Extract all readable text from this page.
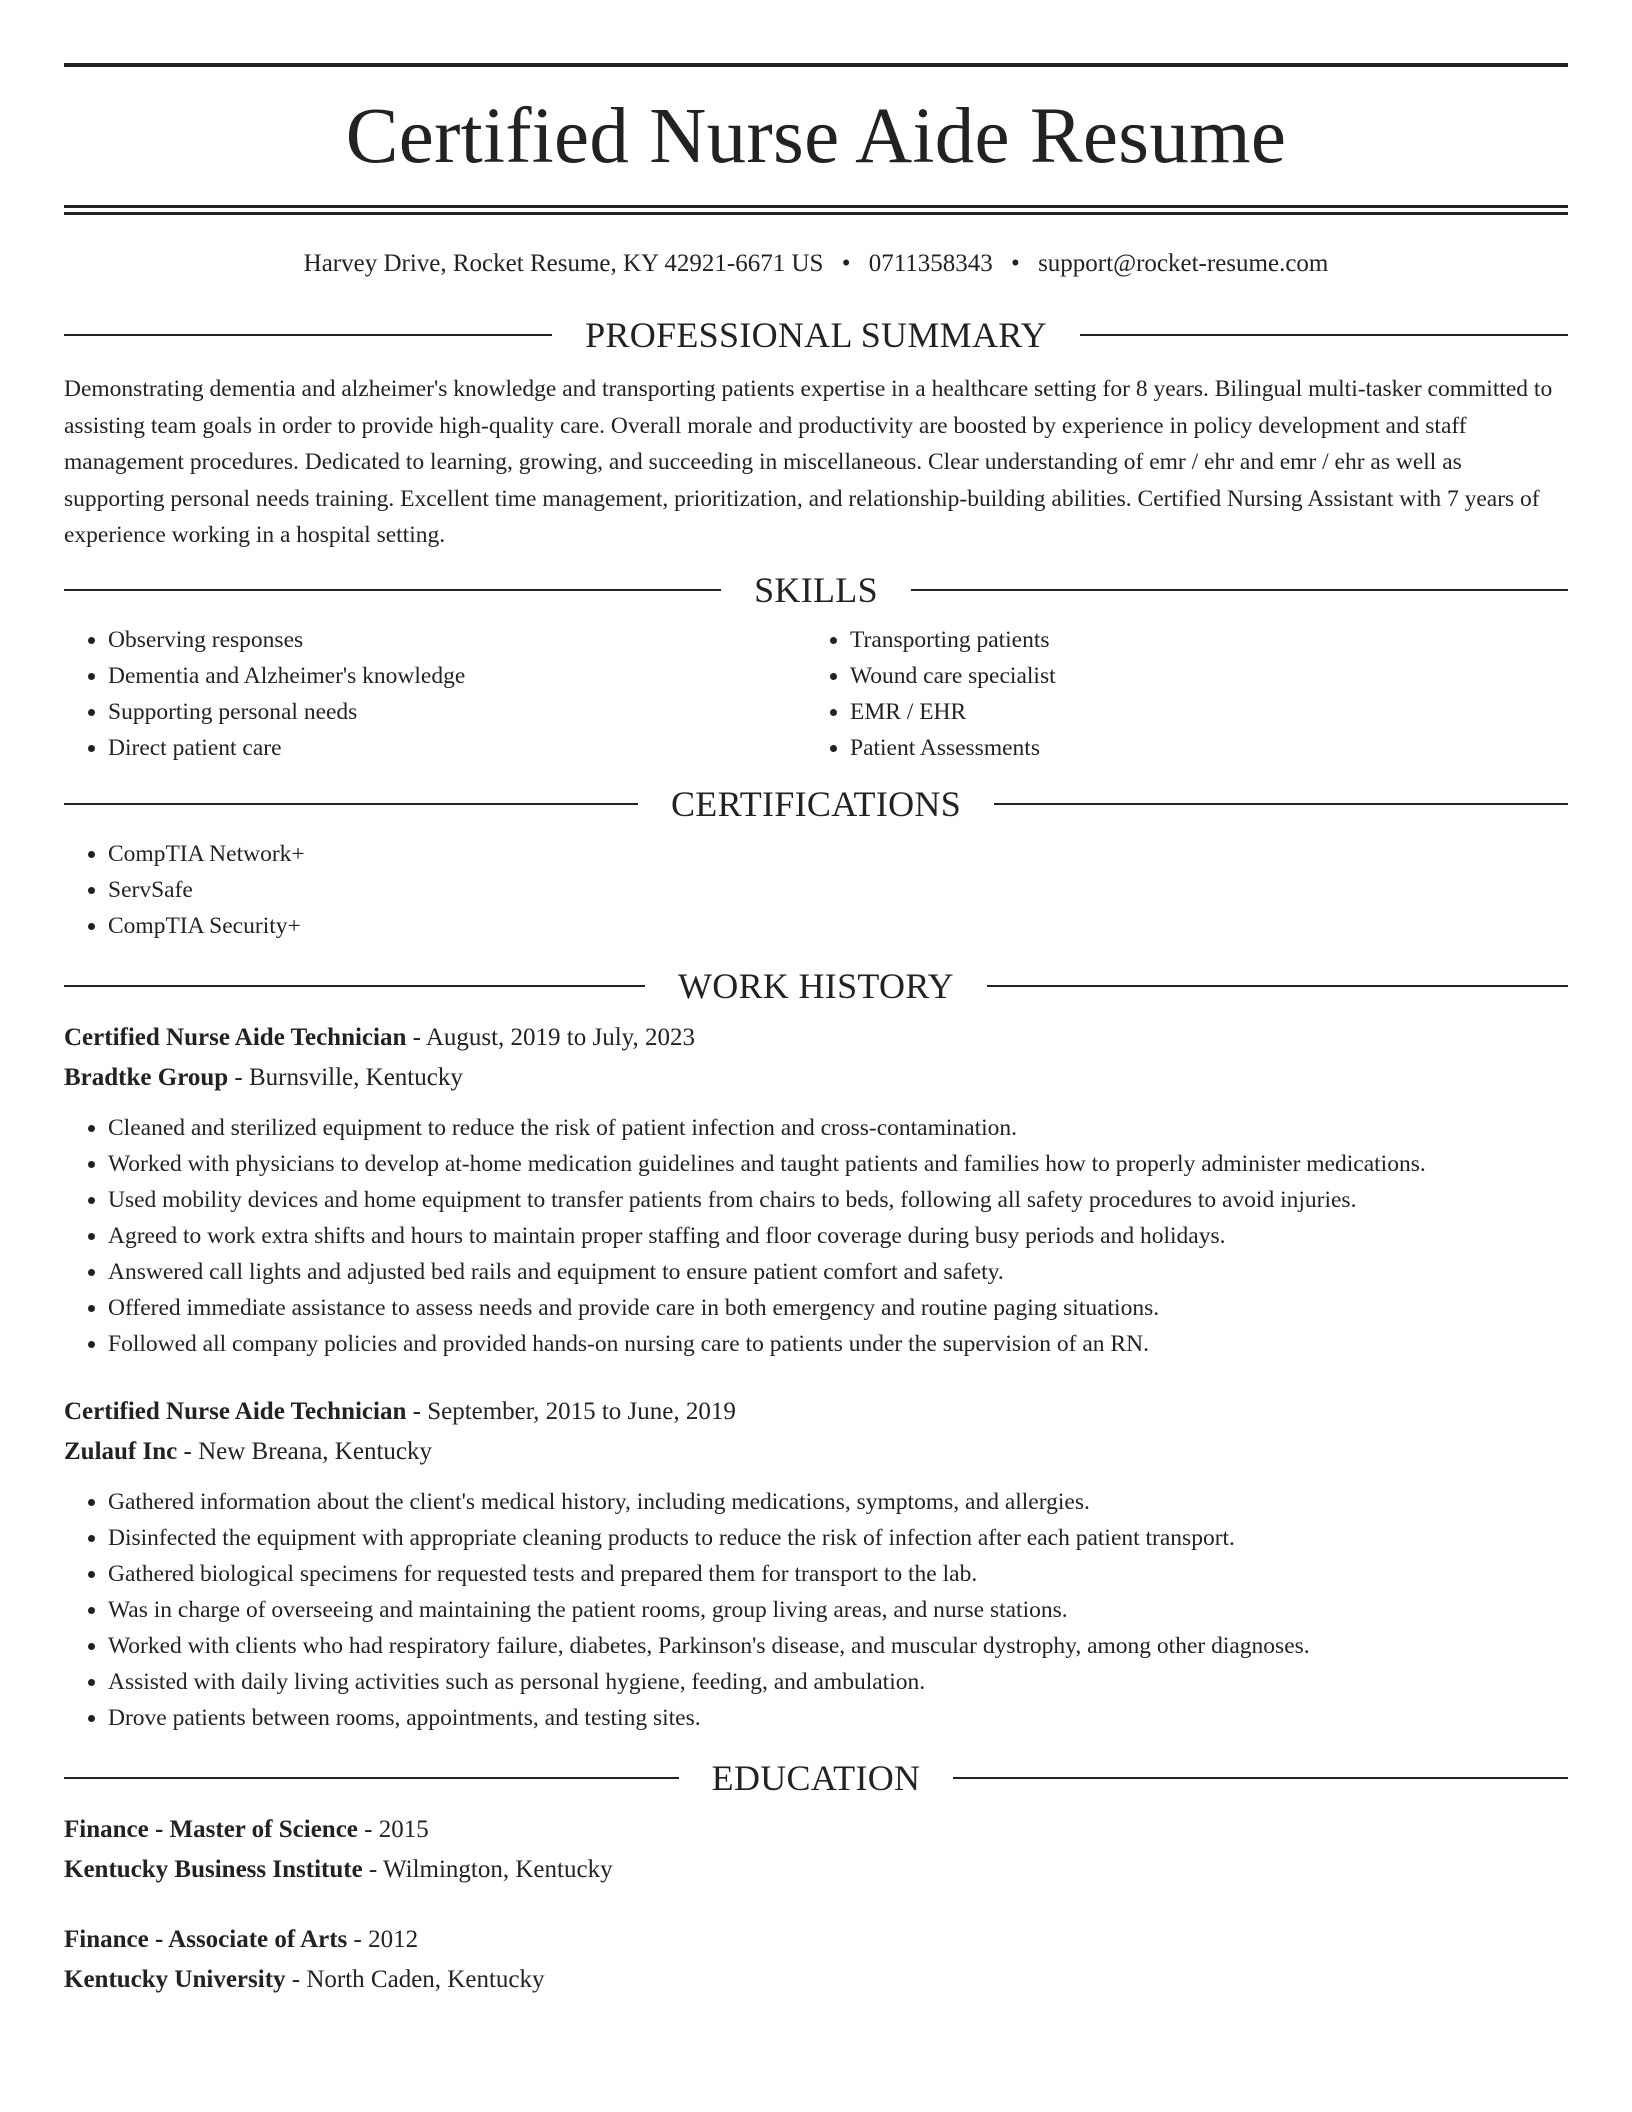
Certified Nurse Aide Resume
Harvey Drive, Rocket Resume, KY 42921-6671 US • 0711358343 • support@rocket-resume.com
PROFESSIONAL SUMMARY

Demonstrating dementia and alzheimer's knowledge and transporting patients expertise in a healthcare setting for 8 years. Bilingual multi-tasker committed to assisting team goals in order to provide high-quality care. Overall morale and productivity are boosted by experience in policy development and staff management procedures. Dedicated to learning, growing, and succeeding in miscellaneous. Clear understanding of emr / ehr and emr / ehr as well as supporting personal needs training. Excellent time management, prioritization, and relationship-building abilities. Certified Nursing Assistant with 7 years of experience working in a hospital setting.

SKILLS
• Observing responses
• Dementia and Alzheimer's knowledge
• Supporting personal needs
• Direct patient care
• Transporting patients
• Wound care specialist
• EMR / EHR
• Patient Assessments
CERTIFICATIONS
• CompTIA Network+
• ServSafe
• CompTIA Security+
WORK HISTORY
Certified Nurse Aide Technician - August, 2019 to July, 2023
Bradtke Group - Burnsville, Kentucky
• Cleaned and sterilized equipment to reduce the risk of patient infection and cross-contamination.
• Worked with physicians to develop at-home medication guidelines and taught patients and families how to properly administer medications.
• Used mobility devices and home equipment to transfer patients from chairs to beds, following all safety procedures to avoid injuries.
• Agreed to work extra shifts and hours to maintain proper staffing and floor coverage during busy periods and holidays.
• Answered call lights and adjusted bed rails and equipment to ensure patient comfort and safety.
• Offered immediate assistance to assess needs and provide care in both emergency and routine paging situations.
• Followed all company policies and provided hands-on nursing care to patients under the supervision of an RN.
Certified Nurse Aide Technician - September, 2015 to June, 2019
Zulauf Inc - New Breana, Kentucky
• Gathered information about the client's medical history, including medications, symptoms, and allergies.
• Disinfected the equipment with appropriate cleaning products to reduce the risk of infection after each patient transport.
• Gathered biological specimens for requested tests and prepared them for transport to the lab.
• Was in charge of overseeing and maintaining the patient rooms, group living areas, and nurse stations.
• Worked with clients who had respiratory failure, diabetes, Parkinson's disease, and muscular dystrophy, among other diagnoses.
• Assisted with daily living activities such as personal hygiene, feeding, and ambulation.
• Drove patients between rooms, appointments, and testing sites.
EDUCATION
Finance - Master of Science - 2015
Kentucky Business Institute - Wilmington, Kentucky
Finance - Associate of Arts - 2012
Kentucky University - North Caden, Kentucky
